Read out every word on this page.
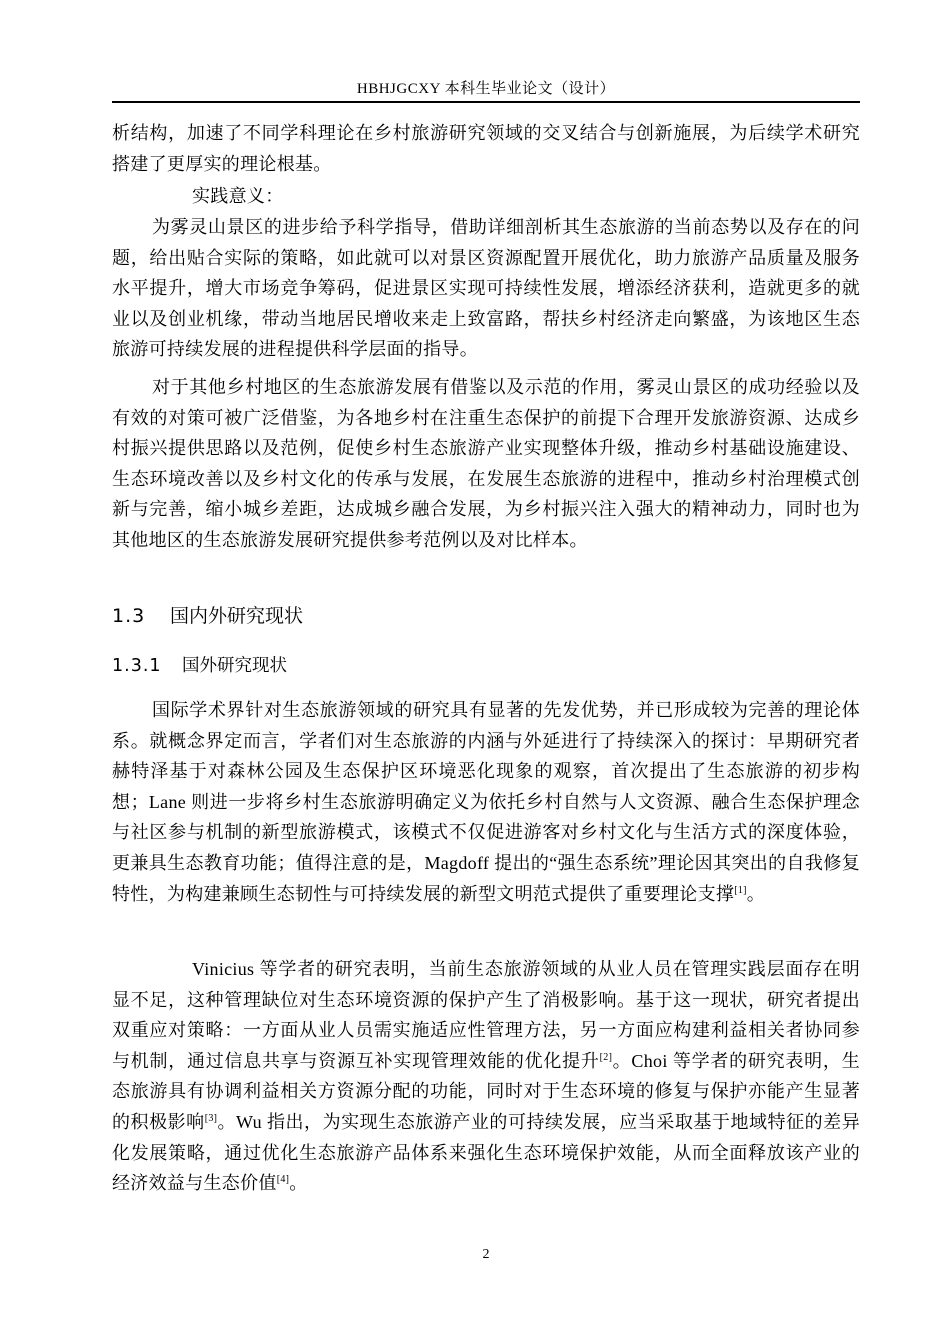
HBHJGCXY 本科生毕业论文（设计）

析结构，加速了不同学科理论在乡村旅游研究领域的交叉结合与创新施展，为后续学术研究搭建了更厚实的理论根基。

实践意义：

为雾灵山景区的进步给予科学指导，借助详细剖析其生态旅游的当前态势以及存在的问题，给出贴合实际的策略，如此就可以对景区资源配置开展优化，助力旅游产品质量及服务水平提升，增大市场竞争筹码，促进景区实现可持续性发展，增添经济获利，造就更多的就业以及创业机缘，带动当地居民增收来走上致富路，帮扶乡村经济走向繁盛，为该地区生态旅游可持续发展的进程提供科学层面的指导。

对于其他乡村地区的生态旅游发展有借鉴以及示范的作用，雾灵山景区的成功经验以及有效的对策可被广泛借鉴，为各地乡村在注重生态保护的前提下合理开发旅游资源、达成乡村振兴提供思路以及范例，促使乡村生态旅游产业实现整体升级，推动乡村基础设施建设、生态环境改善以及乡村文化的传承与发展，在发展生态旅游的进程中，推动乡村治理模式创新与完善，缩小城乡差距，达成城乡融合发展，为乡村振兴注入强大的精神动力，同时也为其他地区的生态旅游发展研究提供参考范例以及对比样本。

1.3 国内外研究现状
1.3.1 国外研究现状

国际学术界针对生态旅游领域的研究具有显著的先发优势，并已形成较为完善的理论体系。就概念界定而言，学者们对生态旅游的内涵与外延进行了持续深入的探讨：早期研究者赫特泽基于对森林公园及生态保护区环境恶化现象的观察，首次提出了生态旅游的初步构想；Lane 则进一步将乡村生态旅游明确定义为依托乡村自然与人文资源、融合生态保护理念与社区参与机制的新型旅游模式，该模式不仅促进游客对乡村文化与生活方式的深度体验，更兼具生态教育功能；值得注意的是，Magdoff 提出的“强生态系统”理论因其突出的自我修复特性，为构建兼顾生态韧性与可持续发展的新型文明范式提供了重要理论支撑[1]。

Vinicius 等学者的研究表明，当前生态旅游领域的从业人员在管理实践层面存在明显不足，这种管理缺位对生态环境资源的保护产生了消极影响。基于这一现状，研究者提出双重应对策略：一方面从业人员需实施适应性管理方法，另一方面应构建利益相关者协同参与机制，通过信息共享与资源互补实现管理效能的优化提升[2]。Choi 等学者的研究表明，生态旅游具有协调利益相关方资源分配的功能，同时对于生态环境的修复与保护亦能产生显著的积极影响[3]。Wu 指出，为实现生态旅游产业的可持续发展，应当采取基于地域特征的差异化发展策略，通过优化生态旅游产品体系来强化生态环境保护效能，从而全面释放该产业的经济效益与生态价值[4]。

2
